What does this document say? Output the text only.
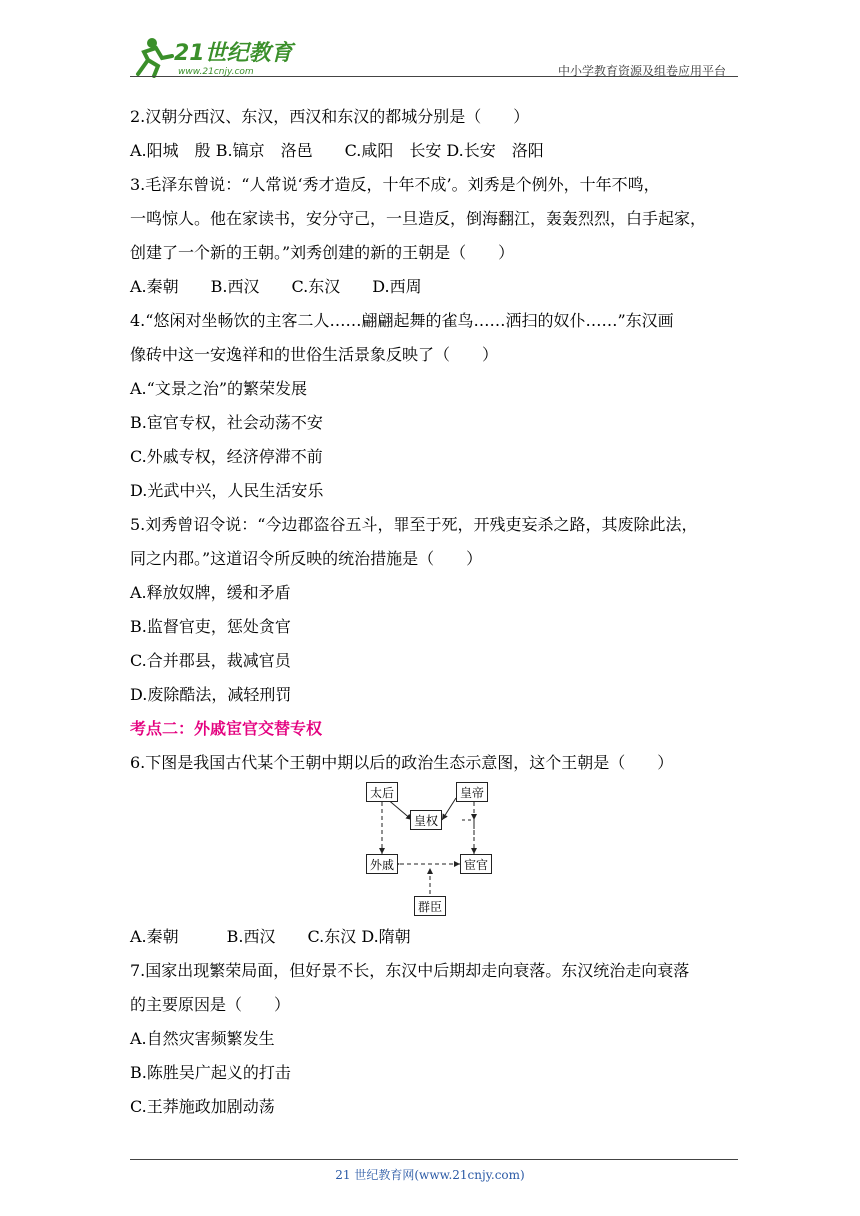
21世纪教育
www.21cnjy.com	中小学教育资源及组卷应用平台
2.汉朝分西汉、东汉，西汉和东汉的都城分别是（　　）
A.阳城　殷 B.镐京　洛邑　　C.咸阳　长安 D.长安　洛阳
3.毛泽东曾说：“人常说‘秀才造反，十年不成’。刘秀是个例外，十年不鸣，
一鸣惊人。他在家读书，安分守己，一旦造反，倒海翻江，轰轰烈烈，白手起家，
创建了一个新的王朝。”刘秀创建的新的王朝是（　　）
A.秦朝　　B.西汉　　C.东汉　　D.西周
4.“悠闲对坐畅饮的主客二人……翩翩起舞的雀鸟……洒扫的奴仆……”东汉画
像砖中这一安逸祥和的世俗生活景象反映了（　　）
A.“文景之治”的繁荣发展
B.宦官专权，社会动荡不安
C.外戚专权，经济停滞不前
D.光武中兴，人民生活安乐
5.刘秀曾诏令说：“今边郡盗谷五斗，罪至于死，开残吏妄杀之路，其废除此法，
同之内郡。”这道诏令所反映的统治措施是（　　）
A.释放奴牌，缓和矛盾
B.监督官吏，惩处贪官
C.合并郡县，裁减官员
D.废除酷法，减轻刑罚
考点二：外戚宦官交替专权
6.下图是我国古代某个王朝中期以后的政治生态示意图，这个王朝是（　　）
太后	皇帝
皇权
外戚	宦官
群臣
A.秦朝　　　B.西汉　　C.东汉 D.隋朝
7.国家出现繁荣局面，但好景不长，东汉中后期却走向衰落。东汉统治走向衰落
的主要原因是（　　）
A.自然灾害频繁发生
B.陈胜吴广起义的打击
C.王莽施政加剧动荡
21 世纪教育网(www.21cnjy.com)
